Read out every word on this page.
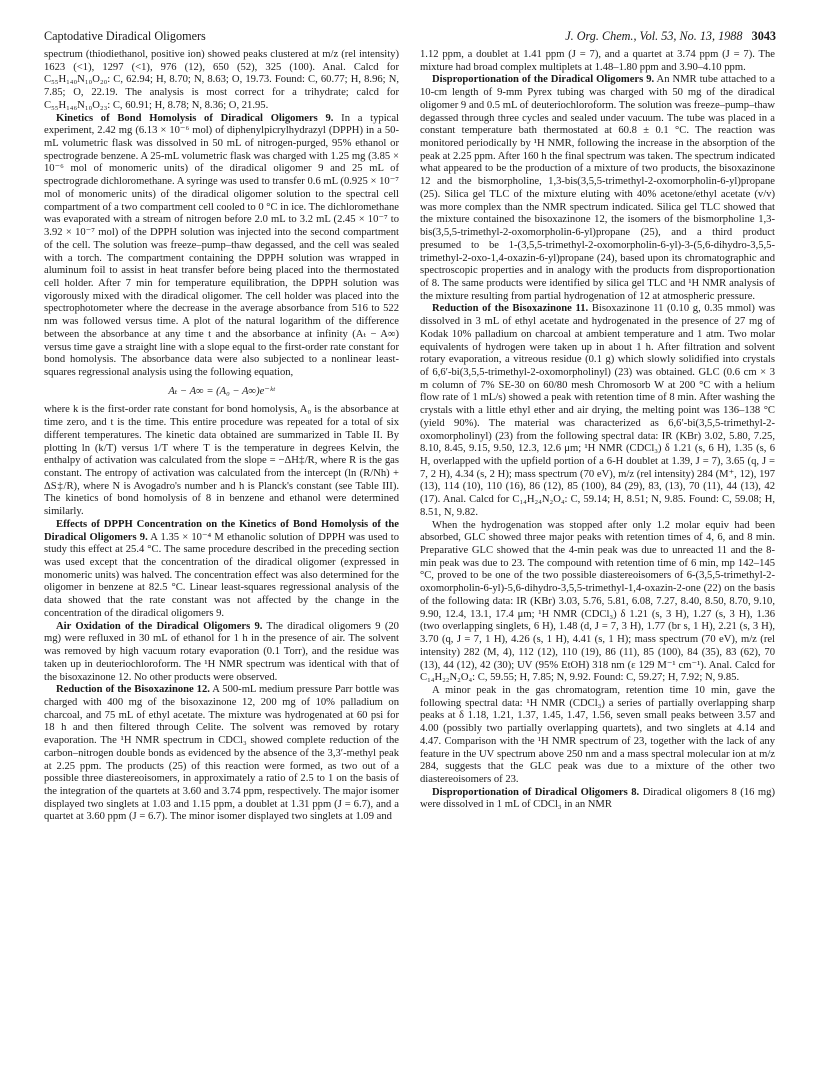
Captodative Diradical Oligomers	J. Org. Chem., Vol. 53, No. 13, 1988 3043

spectrum (thiodiethanol, positive ion) showed peaks clustered at m/z (rel intensity) 1623 (<1), 1297 (<1), 976 (12), 650 (52), 325 (100). Anal. Calcd for C₅₅H₁₄₀N₁₀O₂₀: C, 62.94; H, 8.70; N, 8.63; O, 19.73. Found: C, 60.77; H, 8.96; N, 7.85; O, 22.19. The analysis is most correct for a trihydrate; calcd for C₅₅H₁₄₆N₁₀O₂₃: C, 60.91; H, 8.78; N, 8.36; O, 21.95.

Kinetics of Bond Homolysis of Diradical Oligomers 9. In a typical experiment, 2.42 mg (6.13 × 10⁻⁶ mol) of diphenylpicrylhydrazyl (DPPH) in a 50-mL volumetric flask was dissolved in 50 mL of nitrogen-purged, 95% ethanol or spectrograde benzene. A 25-mL volumetric flask was charged with 1.25 mg (3.85 × 10⁻⁶ mol of monomeric units) of the diradical oligomer 9 and 25 mL of spectrograde dichloromethane. A syringe was used to transfer 0.6 mL (0.925 × 10⁻⁷ mol of monomeric units) of the diradical oligomer solution to the spectral cell compartment of a two compartment cell cooled to 0 °C in ice. The dichloromethane was evaporated with a stream of nitrogen before 2.0 mL to 3.2 mL (2.45 × 10⁻⁷ to 3.92 × 10⁻⁷ mol) of the DPPH solution was injected into the second compartment of the cell. The solution was freeze–pump–thaw degassed, and the cell was sealed with a torch. The compartment containing the DPPH solution was wrapped in aluminum foil to assist in heat transfer before being placed into the thermostated cell holder. After 7 min for temperature equilibration, the DPPH solution was vigorously mixed with the diradical oligomer. The cell holder was placed into the spectrophotometer where the decrease in the average absorbance from 516 to 522 nm was followed versus time. A plot of the natural logarithm of the difference between the absorbance at any time t and the absorbance at infinity (Aₜ − A∞) versus time gave a straight line with a slope equal to the first-order rate constant for bond homolysis. The absorbance data were also subjected to a nonlinear least-squares regressional analysis using the following equation,

Aₜ − A∞ = (A₀ − A∞)e⁻ᵏᵗ

where k is the first-order rate constant for bond homolysis, A₀ is the absorbance at time zero, and t is the time. This entire procedure was repeated for a total of six different temperatures. The kinetic data obtained are summarized in Table II. By plotting ln (k/T) versus 1/T where T is the temperature in degrees Kelvin, the enthalpy of activation was calculated from the slope = −ΔH‡/R, where R is the gas constant. The entropy of activation was calculated from the intercept (ln (R/Nh) + ΔS‡/R), where N is Avogadro's number and h is Planck's constant (see Table III). The kinetics of bond homolysis of 8 in benzene and ethanol were determined similarly.

Effects of DPPH Concentration on the Kinetics of Bond Homolysis of the Diradical Oligomers 9. A 1.35 × 10⁻⁴ M ethanolic solution of DPPH was used to study this effect at 25.4 °C. The same procedure described in the preceding section was used except that the concentration of the diradical oligomer (expressed in monomeric units) was halved. The concentration effect was also determined for the oligomer in benzene at 82.5 °C. Linear least-squares regressional analysis of the data showed that the rate constant was not affected by the change in the concentration of the diradical oligomers 9.

Air Oxidation of the Diradical Oligomers 9. The diradical oligomers 9 (20 mg) were refluxed in 30 mL of ethanol for 1 h in the presence of air. The solvent was removed by high vacuum rotary evaporation (0.1 Torr), and the residue was taken up in deuteriochloroform. The ¹H NMR spectrum was identical with that of the bisoxazinone 12. No other products were observed.

Reduction of the Bisoxazinone 12. A 500-mL medium pressure Parr bottle was charged with 400 mg of the bisoxazinone 12, 200 mg of 10% palladium on charcoal, and 75 mL of ethyl acetate. The mixture was hydrogenated at 60 psi for 18 h and then filtered through Celite. The solvent was removed by rotary evaporation. The ¹H NMR spectrum in CDCl₃ showed complete reduction of the carbon–nitrogen double bonds as evidenced by the absence of the 3,3′-methyl peak at 2.25 ppm. The products (25) of this reaction were formed, as two out of a possible three diastereoisomers, in approximately a ratio of 2.5 to 1 on the basis of the integration of the quartets at 3.60 and 3.74 ppm, respectively. The major isomer displayed two singlets at 1.03 and 1.15 ppm, a doublet at 1.31 ppm (J = 6.7), and a quartet at 3.60 ppm (J = 6.7). The minor isomer displayed two singlets at 1.09 and

1.12 ppm, a doublet at 1.41 ppm (J = 7), and a quartet at 3.74 ppm (J = 7). The mixture had broad complex multiplets at 1.48–1.80 ppm and 3.90–4.10 ppm.

Disproportionation of the Diradical Oligomers 9. An NMR tube attached to a 10-cm length of 9-mm Pyrex tubing was charged with 50 mg of the diradical oligomer 9 and 0.5 mL of deuteriochloroform. The solution was freeze–pump–thaw degassed through three cycles and sealed under vacuum. The tube was placed in a constant temperature bath thermostated at 60.8 ± 0.1 °C. The reaction was monitored periodically by ¹H NMR, following the increase in the absorption of the peak at 2.25 ppm. After 160 h the final spectrum was taken. The spectrum indicated what appeared to be the production of a mixture of two products, the bisoxazinone 12 and the bismorpholine, 1,3-bis(3,5,5-trimethyl-2-oxomorpholin-6-yl)propane (25). Silica gel TLC of the mixture eluting with 40% acetone/ethyl acetate (v/v) was more complex than the NMR spectrum indicated. Silica gel TLC showed that the mixture contained the bisoxazinone 12, the isomers of the bismorpholine 1,3-bis(3,5,5-trimethyl-2-oxomorpholin-6-yl)propane (25), and a third product presumed to be 1-(3,5,5-trimethyl-2-oxomorpholin-6-yl)-3-(5,6-dihydro-3,5,5-trimethyl-2-oxo-1,4-oxazin-6-yl)propane (24), based upon its chromatographic and spectroscopic properties and in analogy with the products from disproportionation of 8. The same products were identified by silica gel TLC and ¹H NMR analysis of the mixture resulting from partial hydrogenation of 12 at atmospheric pressure.

Reduction of the Bisoxazinone 11. Bisoxazinone 11 (0.10 g, 0.35 mmol) was dissolved in 3 mL of ethyl acetate and hydrogenated in the presence of 27 mg of Kodak 10% palladium on charcoal at ambient temperature and 1 atm. Two molar equivalents of hydrogen were taken up in about 1 h. After filtration and solvent rotary evaporation, a vitreous residue (0.1 g) which slowly solidified into crystals of 6,6′-bi(3,5,5-trimethyl-2-oxomorpholinyl) (23) was obtained. GLC (0.6 cm × 3 m column of 7% SE-30 on 60/80 mesh Chromosorb W at 200 °C with a helium flow rate of 1 mL/s) showed a peak with retention time of 8 min. After washing the crystals with a little ethyl ether and air drying, the melting point was 136–138 °C (yield 90%). The material was characterized as 6,6′-bi(3,5,5-trimethyl-2-oxomorpholinyl) (23) from the following spectral data: IR (KBr) 3.02, 5.80, 7.25, 8.10, 8.45, 9.15, 9.50, 12.3, 12.6 μm; ¹H NMR (CDCl₃) δ 1.21 (s, 6 H), 1.35 (s, 6 H, overlapped with the upfield portion of a 6-H doublet at 1.39, J = 7), 3.65 (q, J = 7, 2 H), 4.34 (s, 2 H); mass spectrum (70 eV), m/z (rel intensity) 284 (M⁺, 12), 197 (13), 114 (10), 110 (16), 86 (12), 85 (100), 84 (29), 83, (13), 70 (11), 44 (13), 42 (17). Anal. Calcd for C₁₄H₂₄N₂O₄: C, 59.14; H, 8.51; N, 9.85. Found: C, 59.08; H, 8.51, N, 9.82.

When the hydrogenation was stopped after only 1.2 molar equiv had been absorbed, GLC showed three major peaks with retention times of 4, 6, and 8 min. Preparative GLC showed that the 4-min peak was due to unreacted 11 and the 8-min peak was due to 23. The compound with retention time of 6 min, mp 142–145 °C, proved to be one of the two possible diastereoisomers of 6-(3,5,5-trimethyl-2-oxomorpholin-6-yl)-5,6-dihydro-3,5,5-trimethyl-1,4-oxazin-2-one (22) on the basis of the following data: IR (KBr) 3.03, 5.76, 5.81, 6.08, 7.27, 8.40, 8.50, 8.70, 9.10, 9.90, 12.4, 13.1, 17.4 μm; ¹H NMR (CDCl₃) δ 1.21 (s, 3 H), 1.27 (s, 3 H), 1.36 (two overlapping singlets, 6 H), 1.48 (d, J = 7, 3 H), 1.77 (br s, 1 H), 2.21 (s, 3 H), 3.70 (q, J = 7, 1 H), 4.26 (s, 1 H), 4.41 (s, 1 H); mass spectrum (70 eV), m/z (rel intensity) 282 (M, 4), 112 (12), 110 (19), 86 (11), 85 (100), 84 (35), 83 (62), 70 (13), 44 (12), 42 (30); UV (95% EtOH) 318 nm (ε 129 M⁻¹ cm⁻¹). Anal. Calcd for C₁₄H₂₂N₂O₄: C, 59.55; H, 7.85; N, 9.92. Found: C, 59.27; H, 7.92; N, 9.85.

A minor peak in the gas chromatogram, retention time 10 min, gave the following spectral data: ¹H NMR (CDCl₃) a series of partially overlapping sharp peaks at δ 1.18, 1.21, 1.37, 1.45, 1.47, 1.56, seven small peaks between 3.57 and 4.00 (possibly two partially overlapping quartets), and two singlets at 4.14 and 4.47. Comparison with the ¹H NMR spectrum of 23, together with the lack of any feature in the UV spectrum above 250 nm and a mass spectral molecular ion at m/z 284, suggests that the GLC peak was due to a mixture of the other two diastereoisomers of 23.

Disproportionation of Diradical Oligomers 8. Diradical oligomers 8 (16 mg) were dissolved in 1 mL of CDCl₃ in an NMR
